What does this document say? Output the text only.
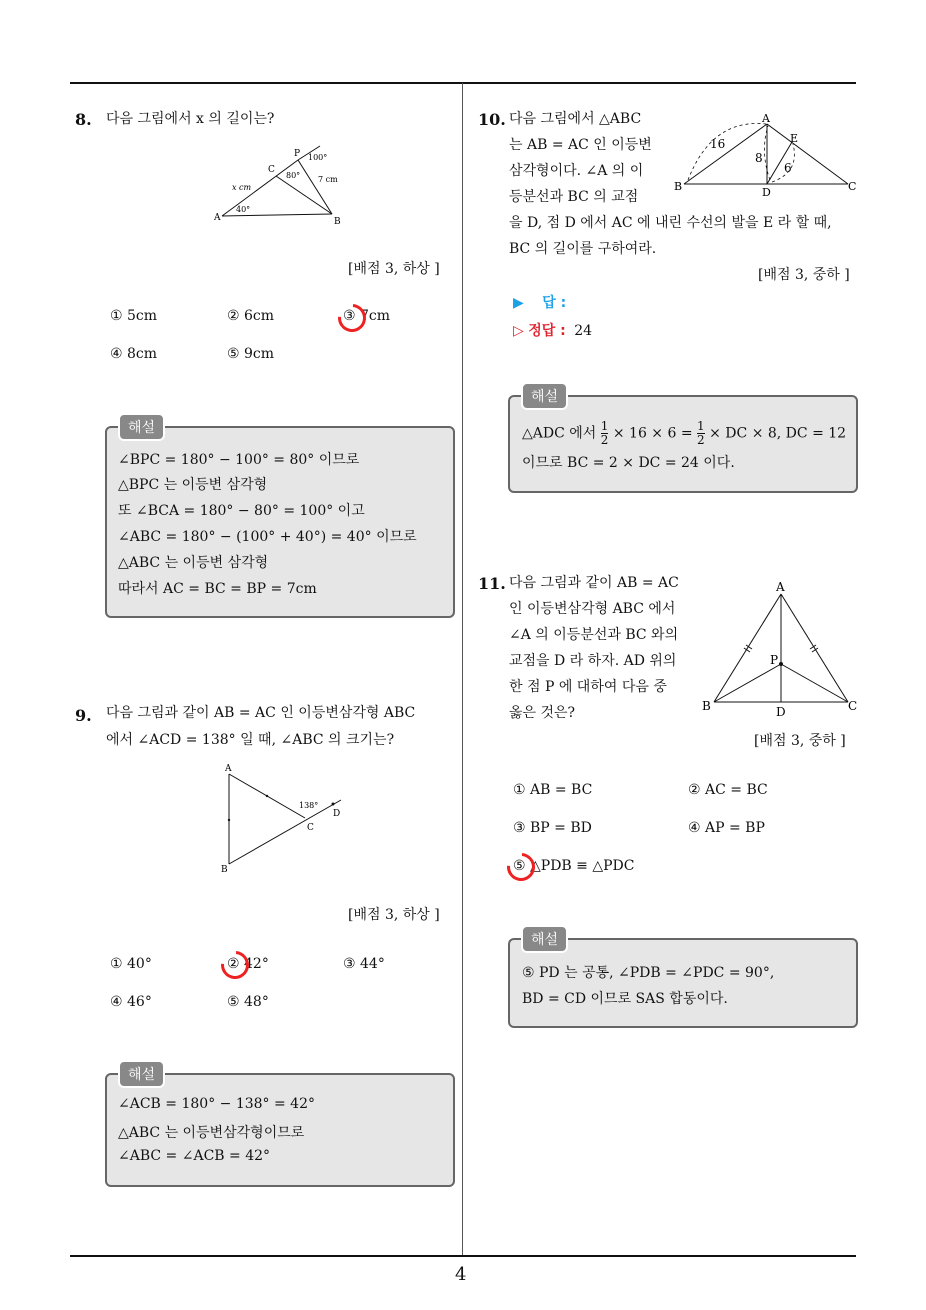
4
8. 다음 그림에서 x 의 길이는?
A	B
C
P 100°
80°
40°
x cm
7 cm
[배점 3, 하상 ]
① 5cm	② 6cm	③ 7cm
④ 8cm	⑤ 9cm
해설
∠BPC = 180° − 100° = 80° 이므로
△BPC 는 이등변 삼각형
또 ∠BCA = 180° − 80° = 100° 이고
∠ABC = 180° − (100° + 40°) = 40° 이므로
△ABC 는 이등변 삼각형
따라서 AC = BC = BP = 7cm
9. 다음 그림과 같이 AB = AC 인 이등변삼각형 ABC
에서 ∠ACD = 138° 일 때, ∠ABC 의 크기는?
A
B
C
D
138°
[배점 3, 하상 ]
① 40°	② 42°	③ 44°
④ 46°	⑤ 48°
해설
∠ACB = 180° − 138° = 42°
△ABC 는 이등변삼각형이므로
∠ABC = ∠ACB = 42°
10. 다음 그림에서 △ABC
는 AB = AC 인 이등변
삼각형이다. ∠A 의 이
등분선과 BC 의 교점
을 D, 점 D 에서 AC 에 내린 수선의 발을 E 라 할 때,
BC 의 길이를 구하여라.
A
B	C
D
E
16
8
6
[배점 3, 중하 ]
▶ 답 :
▷ 정답 : 24
해설
△ADC 에서 $\frac{1}{2} \times 16 \times 6 = \frac{1}{2}$ × DC × 8, DC = 12
이므로 BC = 2 × DC = 24 이다.
11. 다음 그림과 같이 AB = AC
인 이등변삼각형 ABC 에서
∠A 의 이등분선과 BC 와의
교점을 D 라 하자. AD 위의
한 점 P 에 대하여 다음 중
옳은 것은?
A
B	C
D
P
[배점 3, 중하 ]
① AB = BC	② AC = BC
③ BP = BD	④ AP = BP
⑤ △PDB ≡ △PDC
해설
⑤ PD 는 공통, ∠PDB = ∠PDC = 90°,
BD = CD 이므로 SAS 합동이다.
